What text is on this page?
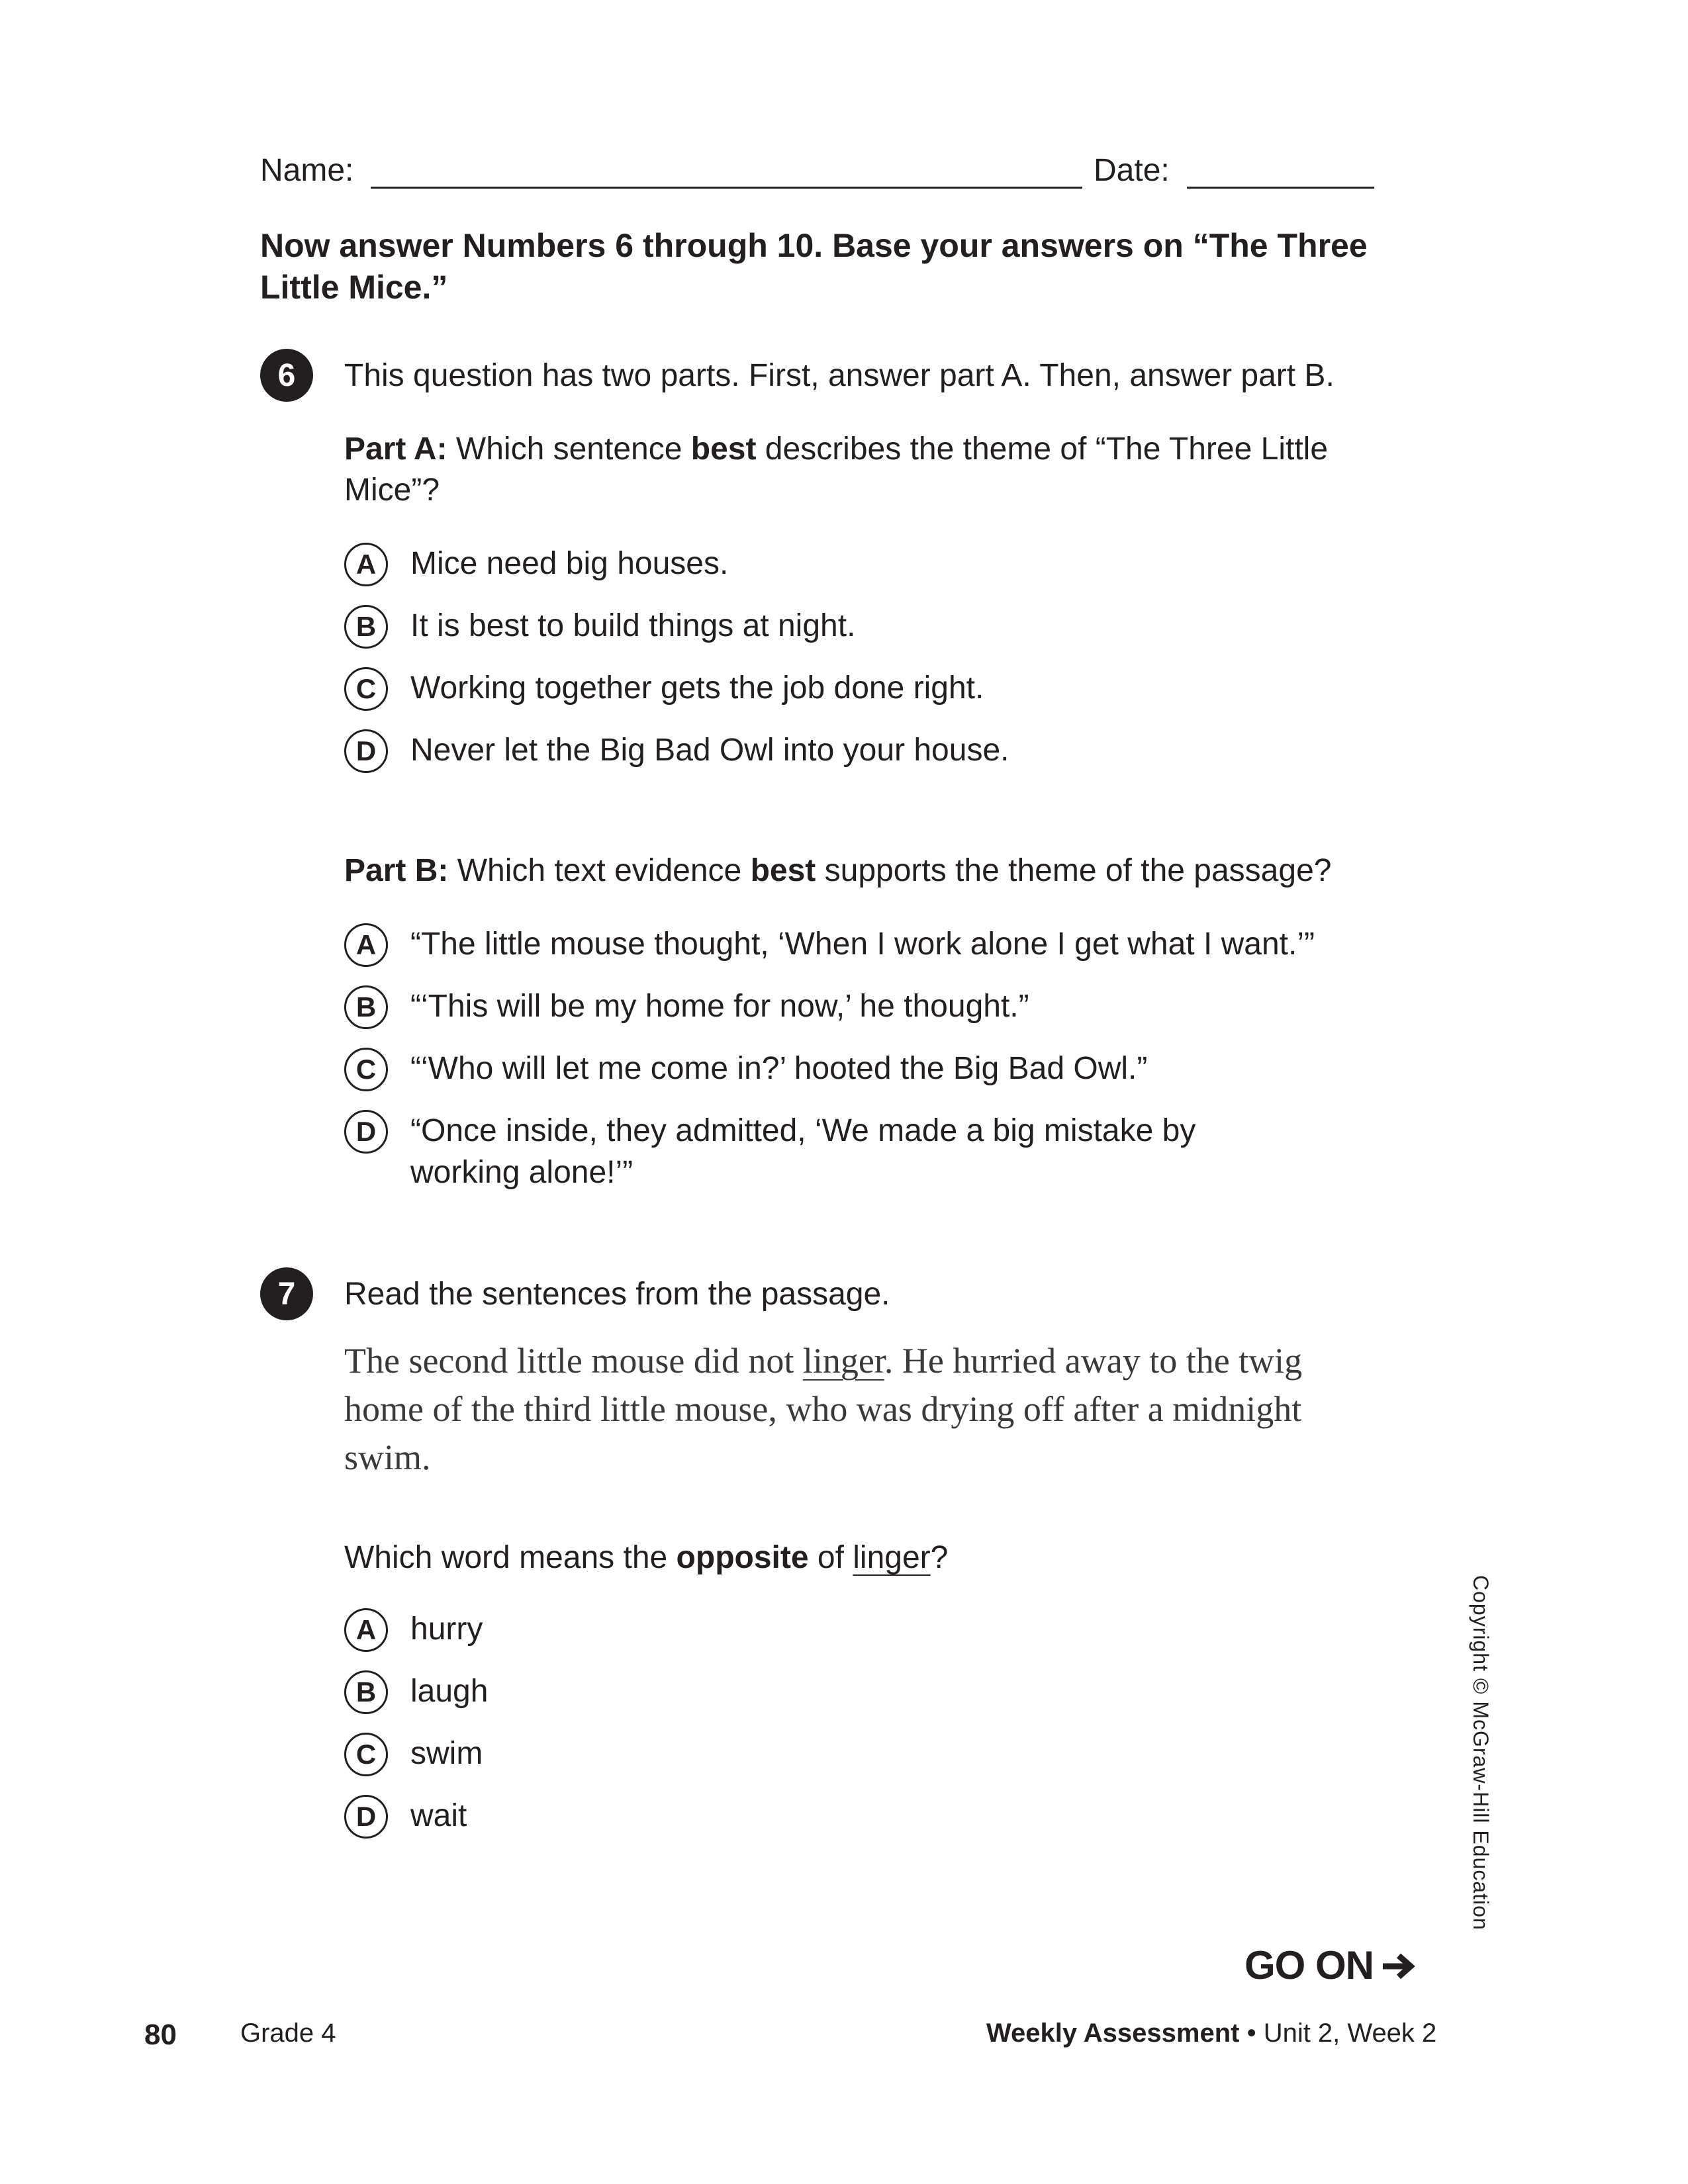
Name:	Date:
Now answer Numbers 6 through 10. Base your answers on “The Three Little Mice.”
6	This question has two parts. First, answer part A. Then, answer part B.
Part A: Which sentence best describes the theme of “The Three Little Mice”?
A	Mice need big houses.
B	It is best to build things at night.
C	Working together gets the job done right.
D	Never let the Big Bad Owl into your house.
Part B: Which text evidence best supports the theme of the passage?
A	“The little mouse thought, ‘When I work alone I get what I want.’”
B	“‘This will be my home for now,’ he thought.”
C	“‘Who will let me come in?’ hooted the Big Bad Owl.”
D	“Once inside, they admitted, ‘We made a big mistake by working alone!’”
7	Read the sentences from the passage.
The second little mouse did not linger. He hurried away to the twig home of the third little mouse, who was drying off after a midnight swim.
Which word means the opposite of linger?
A	hurry
B	laugh
C	swim
D	wait	Copyright © McGraw-Hill Education
GO ON
80 Grade 4	Weekly Assessment • Unit 2, Week 2
